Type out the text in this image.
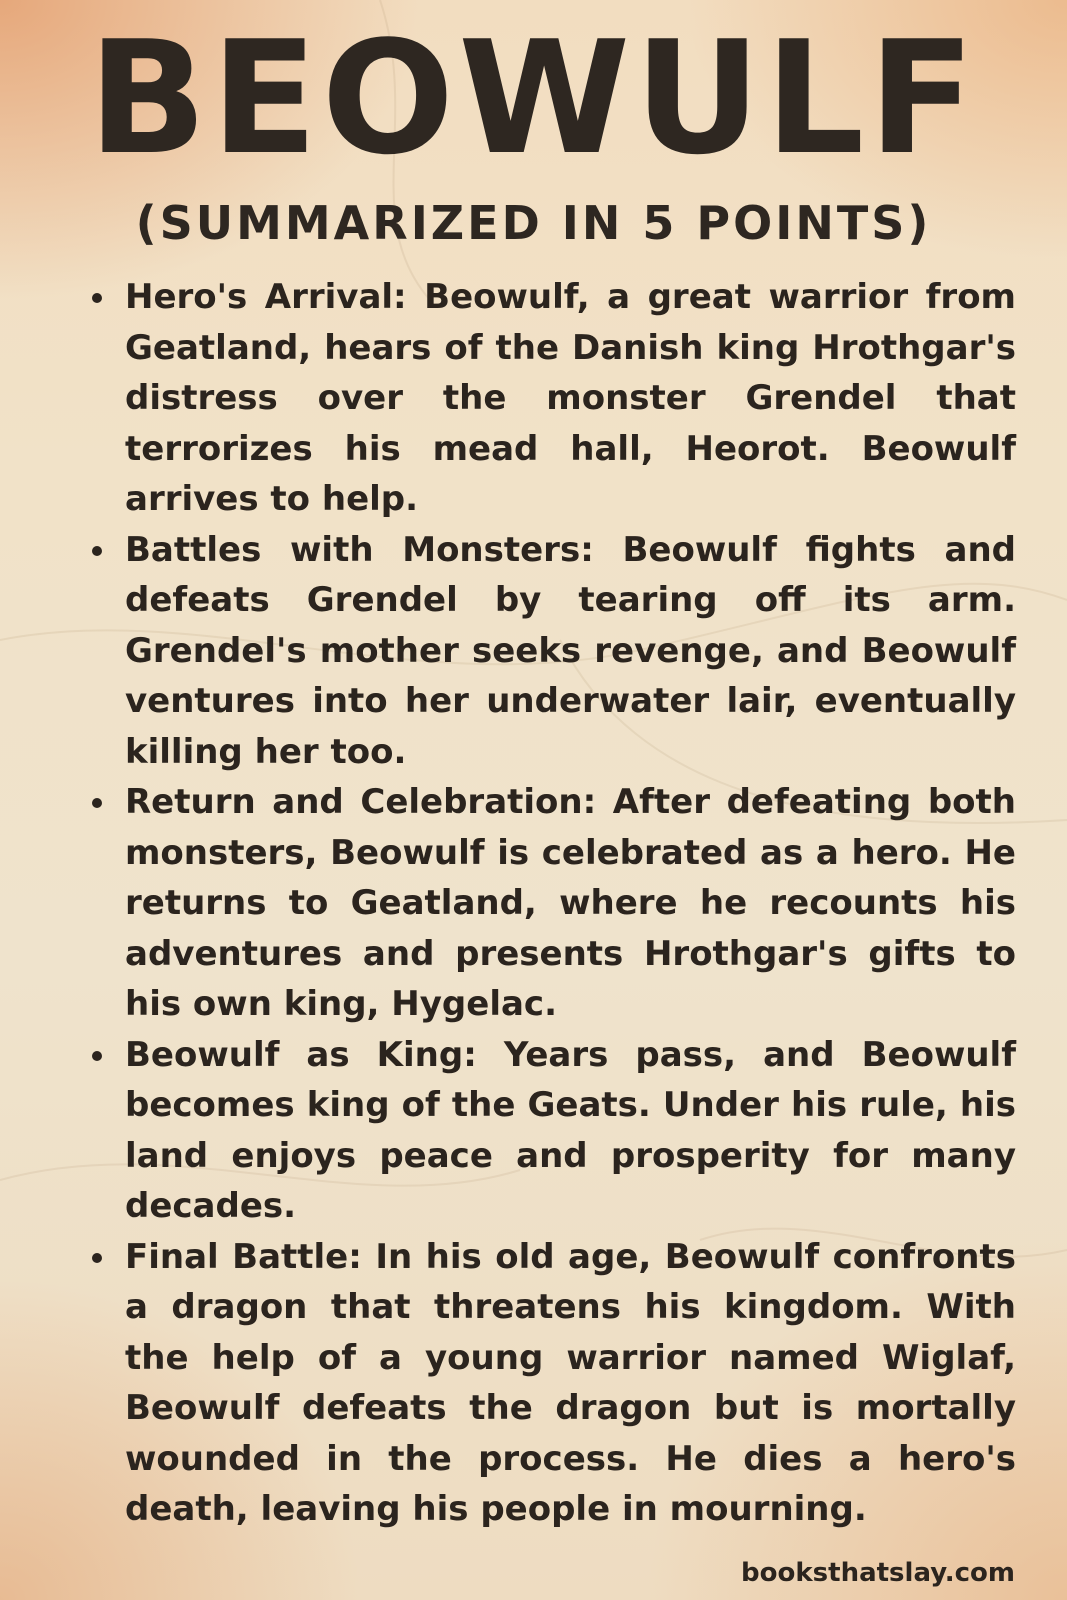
BEOWULF
(SUMMARIZED IN 5 POINTS)
Hero's Arrival: Beowulf, a great warrior from Geatland, hears of the Danish king Hrothgar's distress over the monster Grendel that terrorizes his mead hall, Heorot. Beowulf arrives to help.
Battles with Monsters: Beowulf fights and defeats Grendel by tearing off its arm. Grendel's mother seeks revenge, and Beowulf ventures into her underwater lair, eventually killing her too.
Return and Celebration: After defeating both monsters, Beowulf is celebrated as a hero. He returns to Geatland, where he recounts his adventures and presents Hrothgar's gifts to his own king, Hygelac.
Beowulf as King: Years pass, and Beowulf becomes king of the Geats. Under his rule, his land enjoys peace and prosperity for many decades.
Final Battle: In his old age, Beowulf confronts a dragon that threatens his kingdom. With the help of a young warrior named Wiglaf, Beowulf defeats the dragon but is mortally wounded in the process. He dies a hero's death, leaving his people in mourning.

booksthatslay.com
